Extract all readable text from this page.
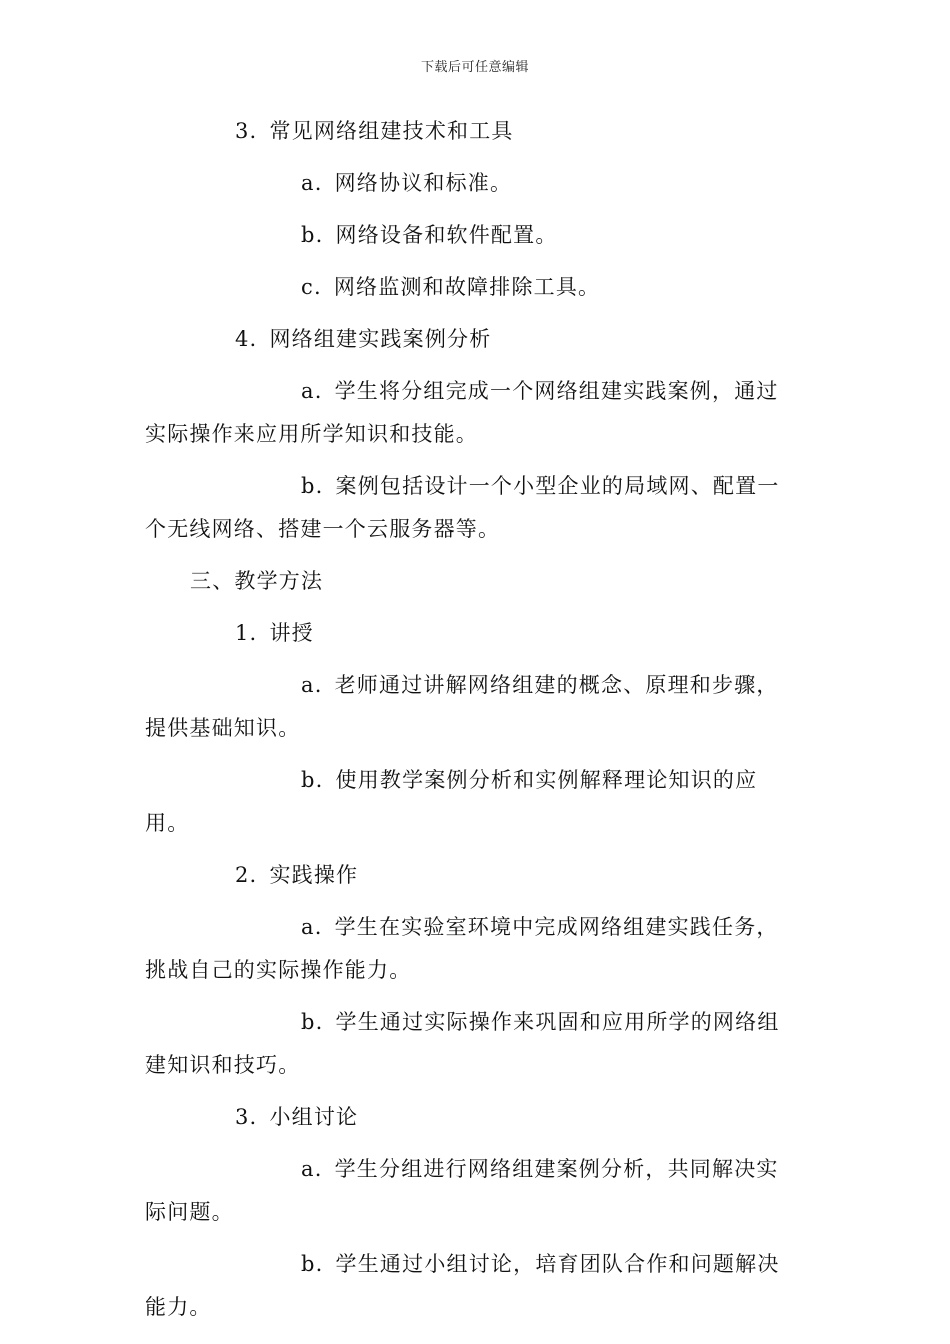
下载后可任意编辑

3. 常见网络组建技术和工具

a. 网络协议和标准。

b. 网络设备和软件配置。

c. 网络监测和故障排除工具。

4. 网络组建实践案例分析

a. 学生将分组完成一个网络组建实践案例，通过实际操作来应用所学知识和技能。

b. 案例包括设计一个小型企业的局域网、配置一个无线网络、搭建一个云服务器等。

三、教学方法

1. 讲授

a. 老师通过讲解网络组建的概念、原理和步骤，提供基础知识。

b. 使用教学案例分析和实例解释理论知识的应用。

2. 实践操作

a. 学生在实验室环境中完成网络组建实践任务，挑战自己的实际操作能力。

b. 学生通过实际操作来巩固和应用所学的网络组建知识和技巧。

3. 小组讨论

a. 学生分组进行网络组建案例分析，共同解决实际问题。

b. 学生通过小组讨论，培育团队合作和问题解决能力。
